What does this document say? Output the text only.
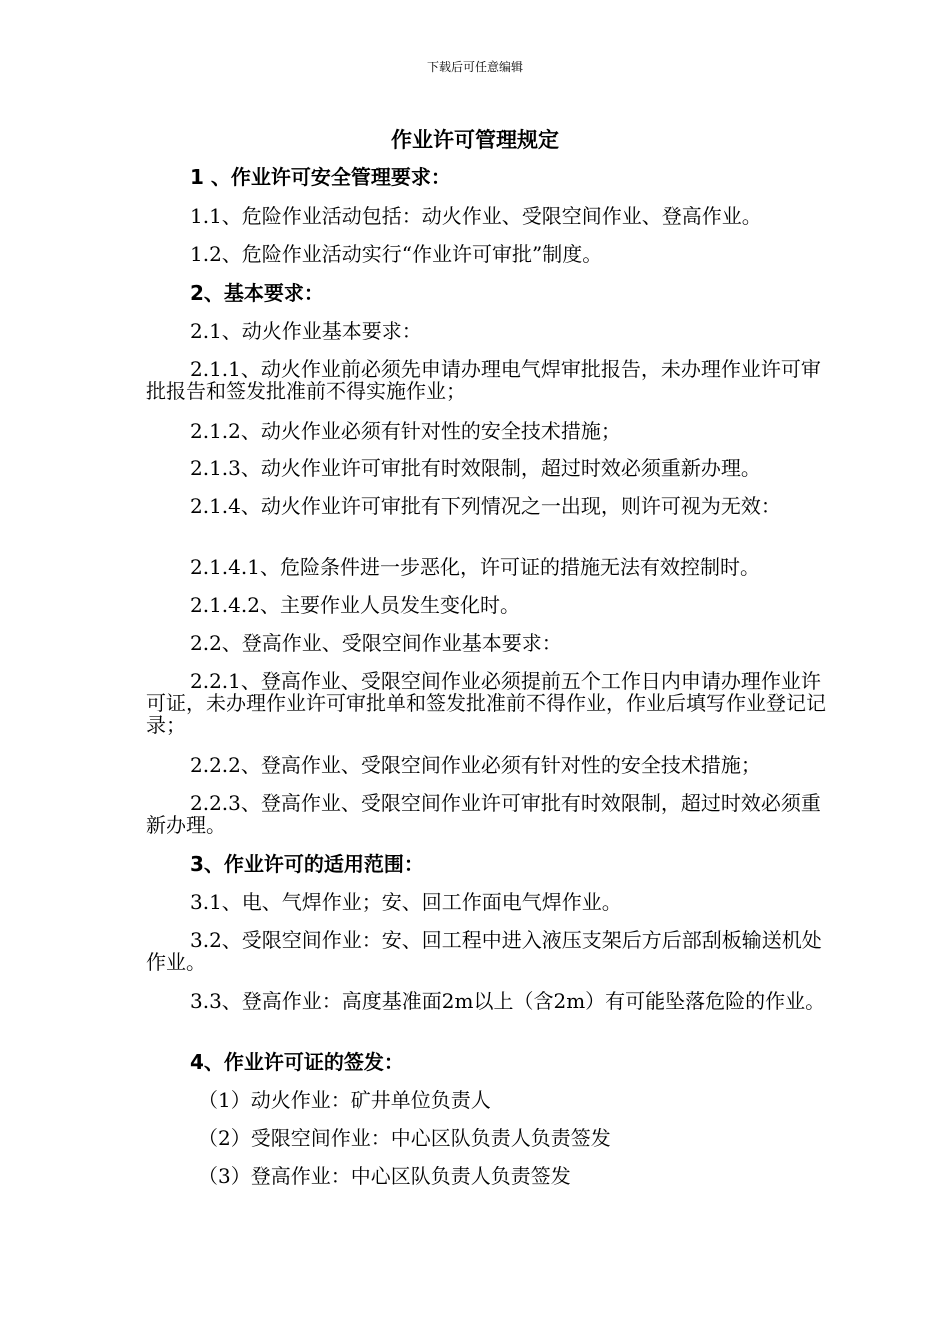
下载后可任意编辑
作业许可管理规定
1 、作业许可安全管理要求：
1.1、危险作业活动包括：动火作业、受限空间作业、登高作业。
1.2、危险作业活动实行“作业许可审批”制度。
2、基本要求：
2.1、动火作业基本要求：
2.1.1、动火作业前必须先申请办理电气焊审批报告，未办理作业许可审批报告和签发批准前不得实施作业；
2.1.2、动火作业必须有针对性的安全技术措施；
2.1.3、动火作业许可审批有时效限制，超过时效必须重新办理。
2.1.4、动火作业许可审批有下列情况之一出现，则许可视为无效：
2.1.4.1、危险条件进一步恶化，许可证的措施无法有效控制时。
2.1.4.2、主要作业人员发生变化时。
2.2、登高作业、受限空间作业基本要求：
2.2.1、登高作业、受限空间作业必须提前五个工作日内申请办理作业许可证，未办理作业许可审批单和签发批准前不得作业，作业后填写作业登记记录；
2.2.2、登高作业、受限空间作业必须有针对性的安全技术措施；
2.2.3、登高作业、受限空间作业许可审批有时效限制，超过时效必须重新办理。
3、作业许可的适用范围：
3.1、电、气焊作业；安、回工作面电气焊作业。
3.2、受限空间作业：安、回工程中进入液压支架后方后部刮板输送机处作业。
3.3、登高作业：高度基准面2m以上（含2m）有可能坠落危险的作业。
4、作业许可证的签发：
（1）动火作业：矿井单位负责人
（2）受限空间作业：中心区队负责人负责签发
（3）登高作业：中心区队负责人负责签发
